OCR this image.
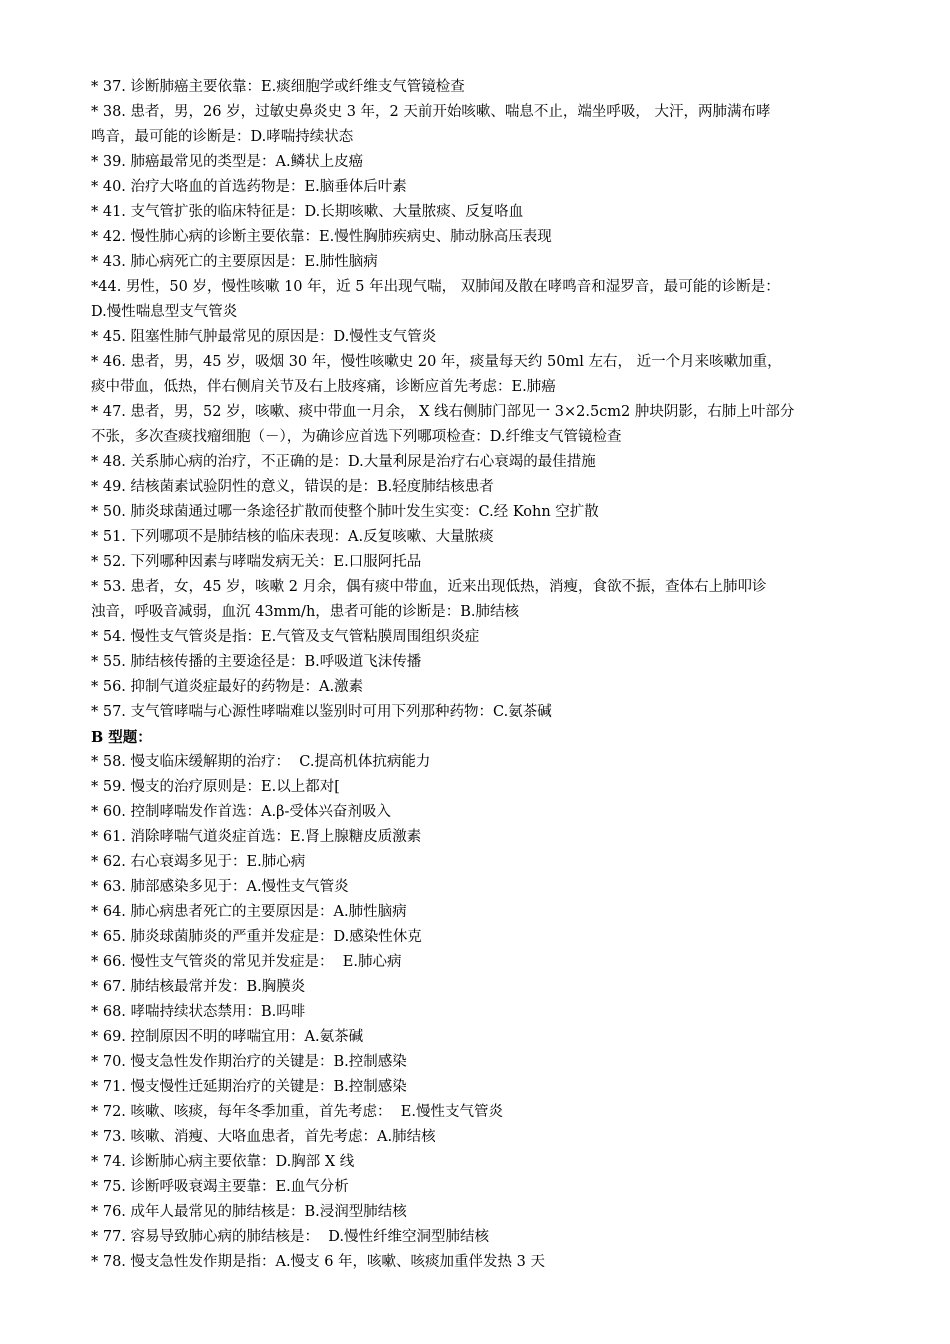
* 37. 诊断肺癌主要依靠：E.痰细胞学或纤维支气管镜检查
* 38. 患者，男，26 岁，过敏史鼻炎史 3 年，2 天前开始咳嗽、喘息不止，端坐呼吸， 大汗，两肺满布哮
鸣音，最可能的诊断是：D.哮喘持续状态
* 39. 肺癌最常见的类型是：A.鳞状上皮癌
* 40. 治疗大咯血的首选药物是：E.脑垂体后叶素
* 41. 支气管扩张的临床特征是：D.长期咳嗽、大量脓痰、反复咯血
* 42. 慢性肺心病的诊断主要依靠：E.慢性胸肺疾病史、肺动脉高压表现
* 43. 肺心病死亡的主要原因是：E.肺性脑病
*44. 男性，50 岁，慢性咳嗽 10 年，近 5 年出现气喘， 双肺闻及散在哮鸣音和湿罗音，最可能的诊断是：
D.慢性喘息型支气管炎
* 45. 阻塞性肺气肿最常见的原因是：D.慢性支气管炎
* 46. 患者，男，45 岁，吸烟 30 年，慢性咳嗽史 20 年，痰量每天约 50ml 左右， 近一个月来咳嗽加重，
痰中带血，低热，伴右侧肩关节及右上肢疼痛，诊断应首先考虑：E.肺癌
* 47. 患者，男，52 岁，咳嗽、痰中带血一月余， X 线右侧肺门部见一 3×2.5cm2 肿块阴影，右肺上叶部分
不张，多次查痰找瘤细胞（－），为确诊应首选下列哪项检查：D.纤维支气管镜检查
* 48. 关系肺心病的治疗，不正确的是：D.大量利尿是治疗右心衰竭的最佳措施
* 49. 结核菌素试验阴性的意义，错误的是：B.轻度肺结核患者
* 50. 肺炎球菌通过哪一条途径扩散而使整个肺叶发生实变：C.经 Kohn 空扩散
* 51. 下列哪项不是肺结核的临床表现：A.反复咳嗽、大量脓痰
* 52. 下列哪种因素与哮喘发病无关：E.口服阿托品
* 53. 患者，女，45 岁，咳嗽 2 月余，偶有痰中带血，近来出现低热，消瘦，食欲不振，查体右上肺叩诊
浊音，呼吸音减弱，血沉 43mm/h，患者可能的诊断是：B.肺结核
* 54. 慢性支气管炎是指：E.气管及支气管粘膜周围组织炎症
* 55. 肺结核传播的主要途径是：B.呼吸道飞沫传播
* 56. 抑制气道炎症最好的药物是：A.激素
* 57. 支气管哮喘与心源性哮喘难以鉴别时可用下列那种药物：C.氨茶碱
B 型题：
* 58. 慢支临床缓解期的治疗：  C.提高机体抗病能力
* 59. 慢支的治疗原则是：E.以上都对[
* 60. 控制哮喘发作首选：A.β-受体兴奋剂吸入
* 61. 消除哮喘气道炎症首选：E.肾上腺糖皮质激素
* 62. 右心衰竭多见于：E.肺心病
* 63. 肺部感染多见于：A.慢性支气管炎
* 64. 肺心病患者死亡的主要原因是：A.肺性脑病
* 65. 肺炎球菌肺炎的严重并发症是：D.感染性休克
* 66. 慢性支气管炎的常见并发症是：  E.肺心病
* 67. 肺结核最常并发：B.胸膜炎
* 68. 哮喘持续状态禁用：B.吗啡
* 69. 控制原因不明的哮喘宜用：A.氨茶碱
* 70. 慢支急性发作期治疗的关键是：B.控制感染
* 71. 慢支慢性迁延期治疗的关键是：B.控制感染
* 72. 咳嗽、咳痰，每年冬季加重，首先考虑：  E.慢性支气管炎
* 73. 咳嗽、消瘦、大咯血患者，首先考虑：A.肺结核
* 74. 诊断肺心病主要依靠：D.胸部 X 线
* 75. 诊断呼吸衰竭主要靠：E.血气分析
* 76. 成年人最常见的肺结核是：B.浸润型肺结核
* 77. 容易导致肺心病的肺结核是：  D.慢性纤维空洞型肺结核
* 78. 慢支急性发作期是指：A.慢支 6 年，咳嗽、咳痰加重伴发热 3 天
